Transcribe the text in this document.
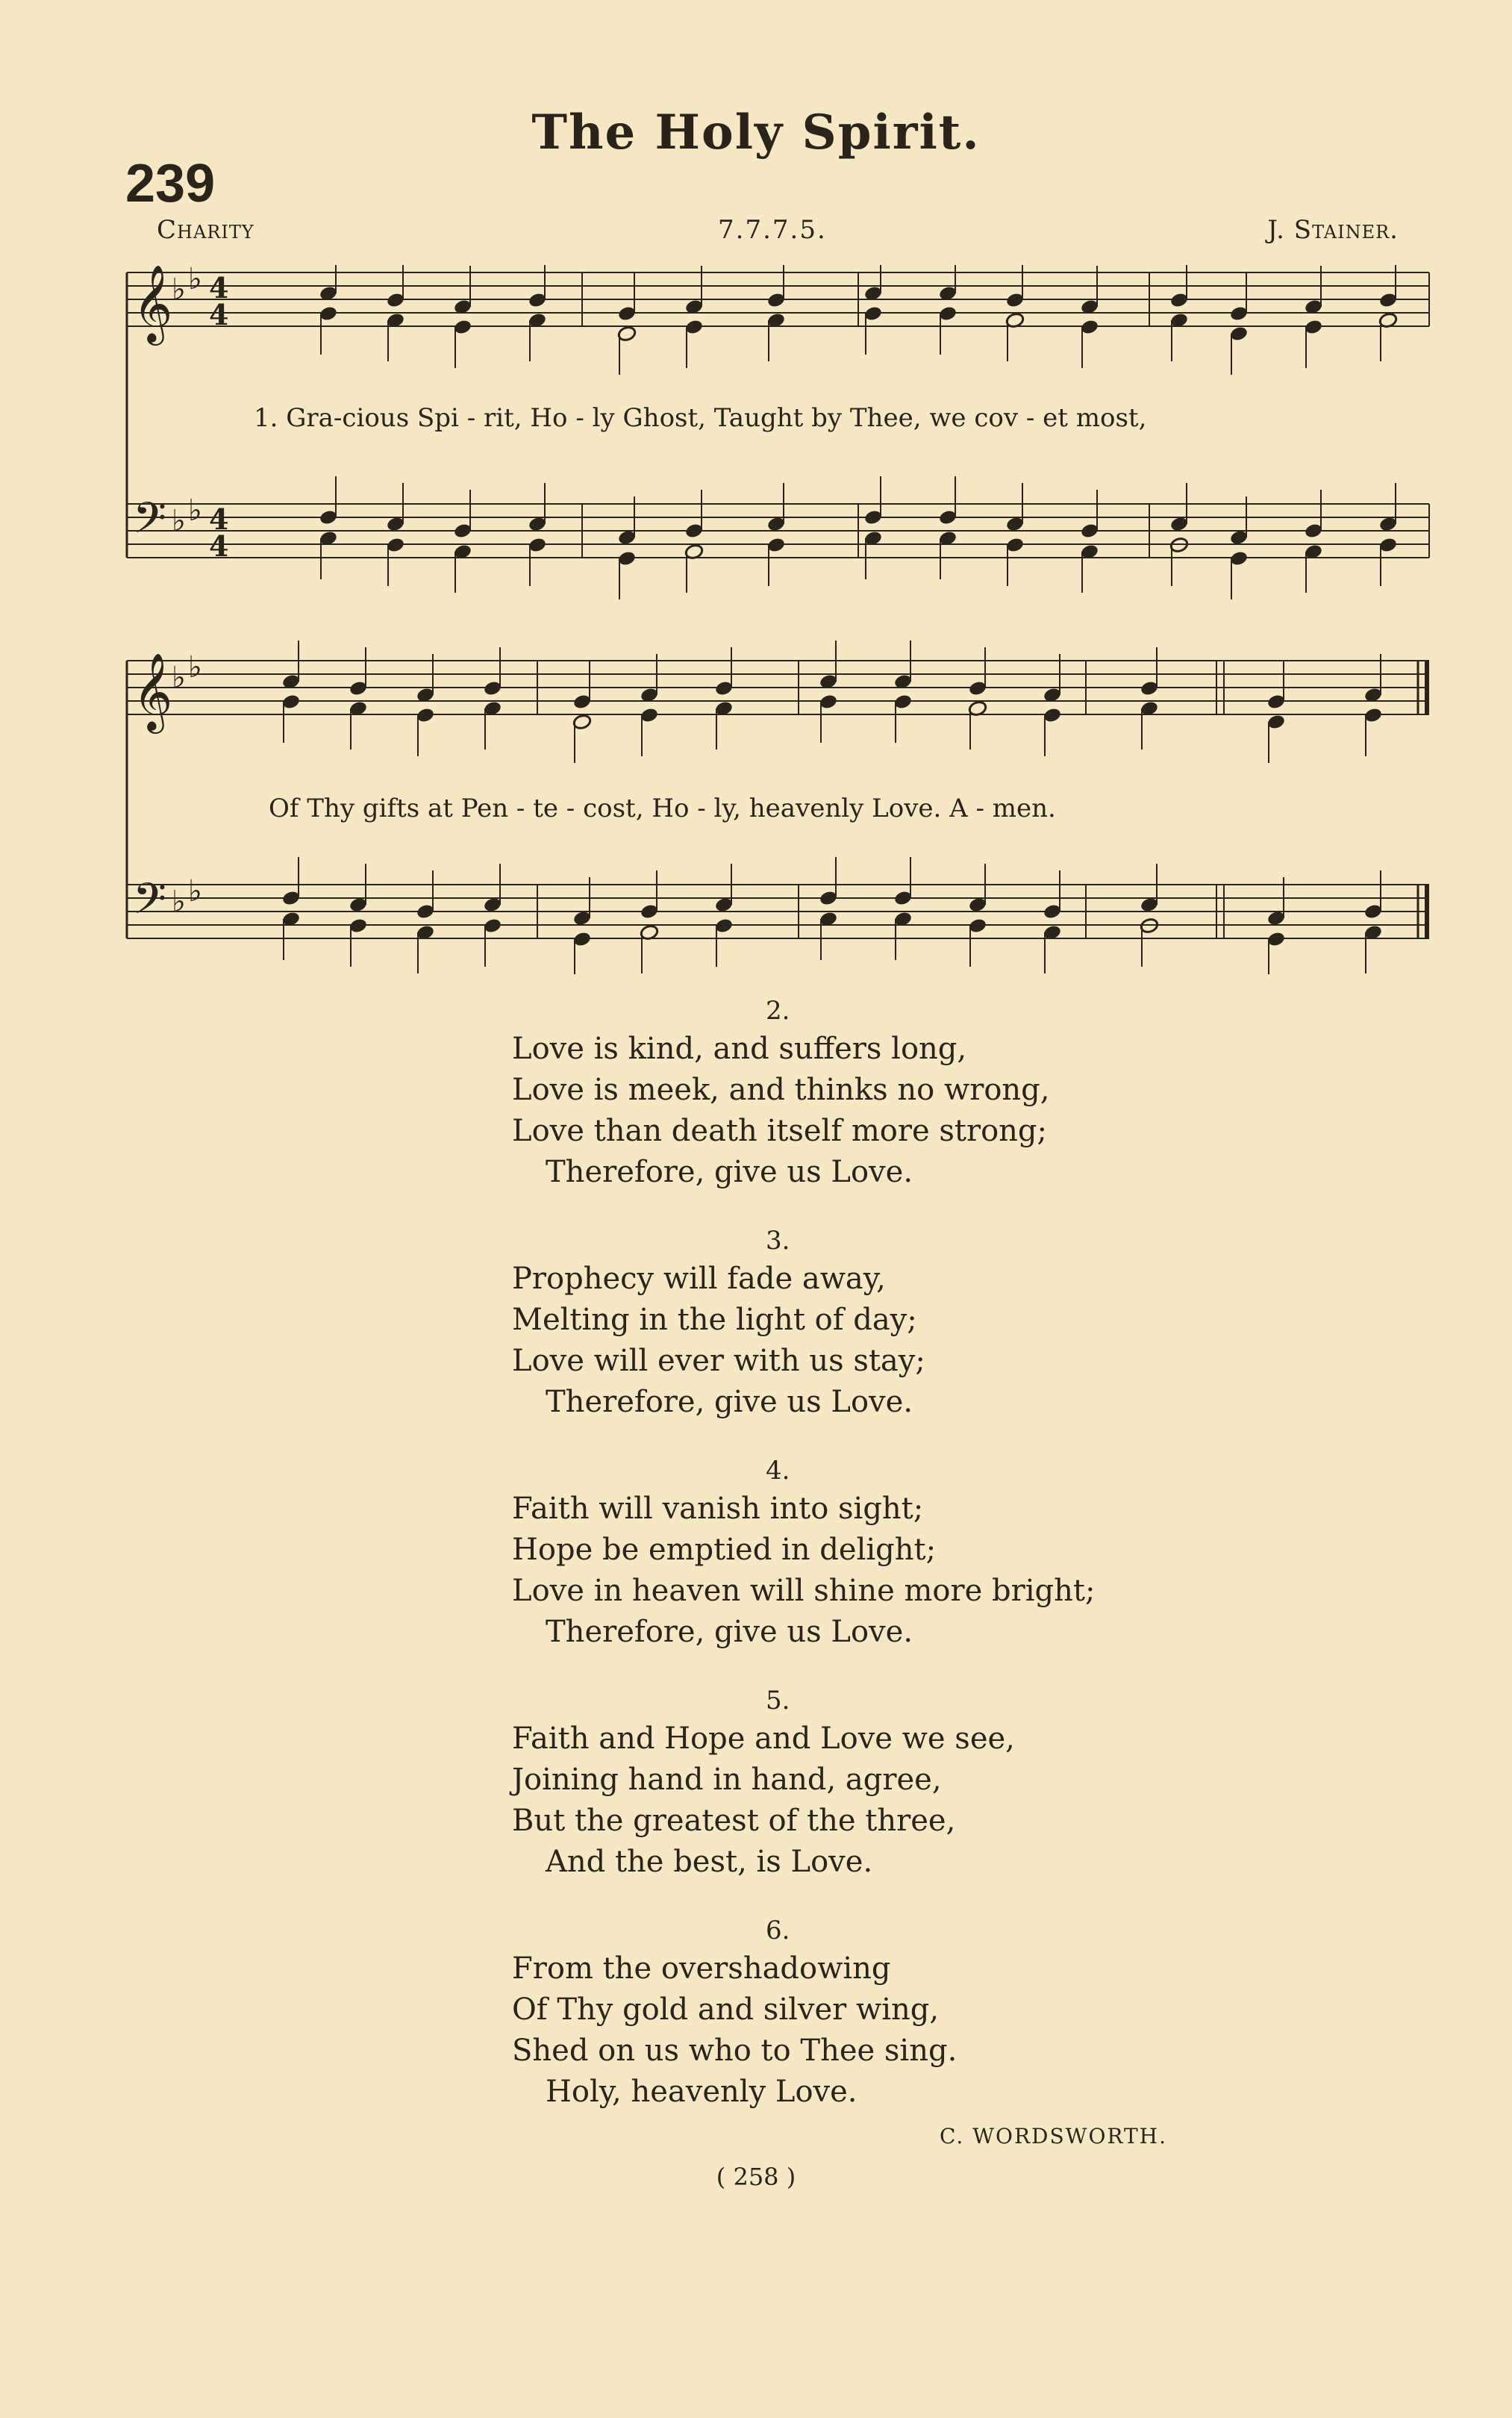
The Holy Spirit.
239
Charity	7.7.7.5.	J. Stainer.
𝄞
𝄢
𝄞
𝄢
♭ ♭
♭ ♭
♭ ♭
♭ ♭
4
4
4
4
1. Gra-cious Spi - rit, Ho - ly Ghost, Taught by Thee, we cov - et most,
Of Thy gifts at Pen - te - cost, Ho - ly, heavenly Love. A - men.
2.
Love is kind, and suffers long,
Love is meek, and thinks no wrong,
Love than death itself more strong;
Therefore, give us Love.
3.
Prophecy will fade away,
Melting in the light of day;
Love will ever with us stay;
Therefore, give us Love.
4.
Faith will vanish into sight;
Hope be emptied in delight;
Love in heaven will shine more bright;
Therefore, give us Love.
5.
Faith and Hope and Love we see,
Joining hand in hand, agree,
But the greatest of the three,
And the best, is Love.
6.
From the overshadowing
Of Thy gold and silver wing,
Shed on us who to Thee sing.
Holy, heavenly Love.
C. WORDSWORTH.
( 258 )
